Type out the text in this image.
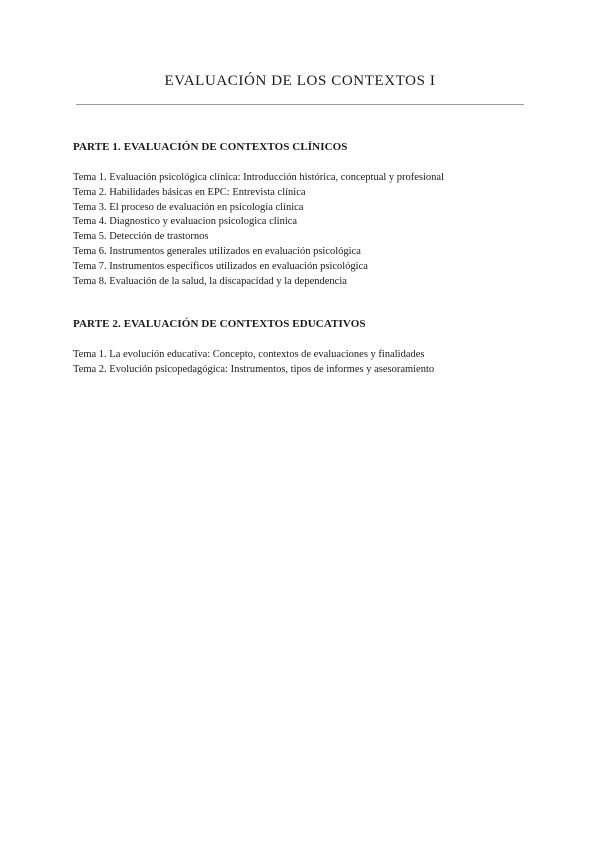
EVALUACIÓN DE LOS CONTEXTOS I
PARTE 1. EVALUACIÓN DE CONTEXTOS CLÍNICOS
Tema 1. Evaluación psicológica clínica: Introducción histórica, conceptual y profesional
Tema 2. Habilidades básicas en EPC: Entrevista clínica
Tema 3. El proceso de evaluación en psicología clínica
Tema 4. Diagnostico y evaluacion psicologica clinica
Tema 5. Detección de trastornos
Tema 6. Instrumentos generales utilizados en evaluación psicológica
Tema 7. Instrumentos específicos utilizados en evaluación psicológica
Tema 8. Evaluación de la salud, la discapacidad y la dependencia
PARTE 2. EVALUACIÓN DE CONTEXTOS EDUCATIVOS
Tema 1. La evolución educativa: Concepto, contextos de evaluaciones y finalidades
Tema 2. Evolución psicopedagógica: Instrumentos, tipos de informes y asesoramiento
